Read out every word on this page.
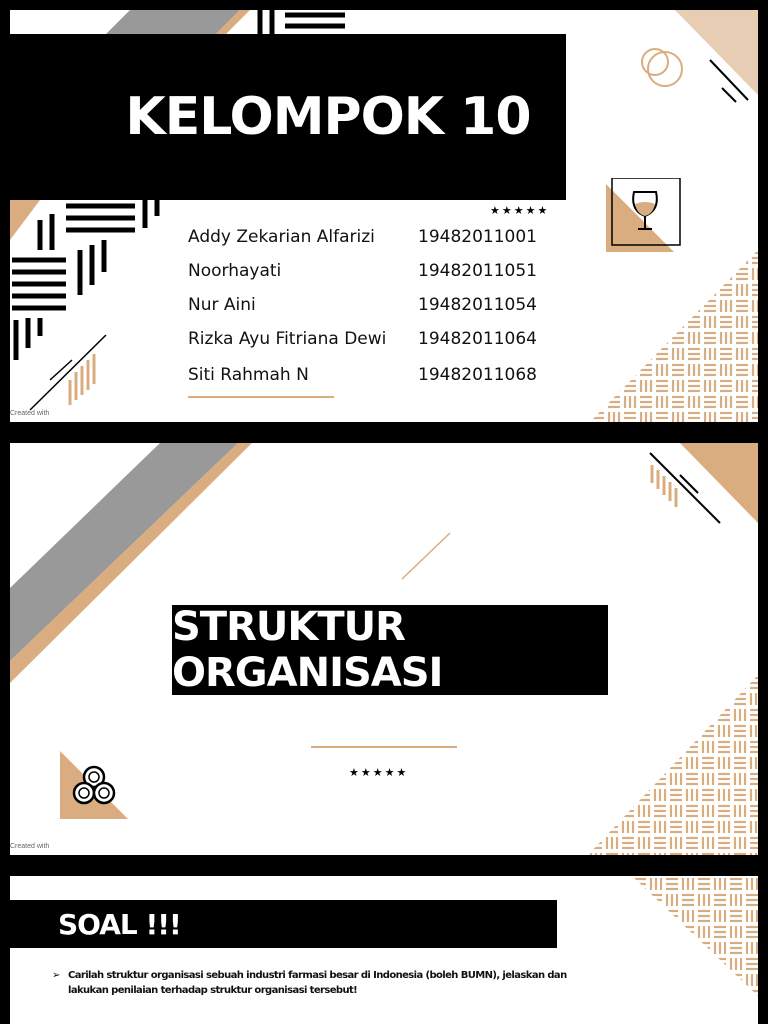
KELOMPOK 10
★★★★★
Addy Zekarian Alfarizi	19482011001
Noorhayati	19482011051
Nur Aini	19482011054
Rizka Ayu Fitriana Dewi 19482011064
Siti Rahmah N	19482011068
Created with
STRUKTUR ORGANISASI
★★★★★
Created with
SOAL !!!
➢ Carilah struktur organisasi sebuah industri farmasi besar di Indonesia (boleh BUMN), jelaskan dan
lakukan penilaian terhadap struktur organisasi tersebut!
